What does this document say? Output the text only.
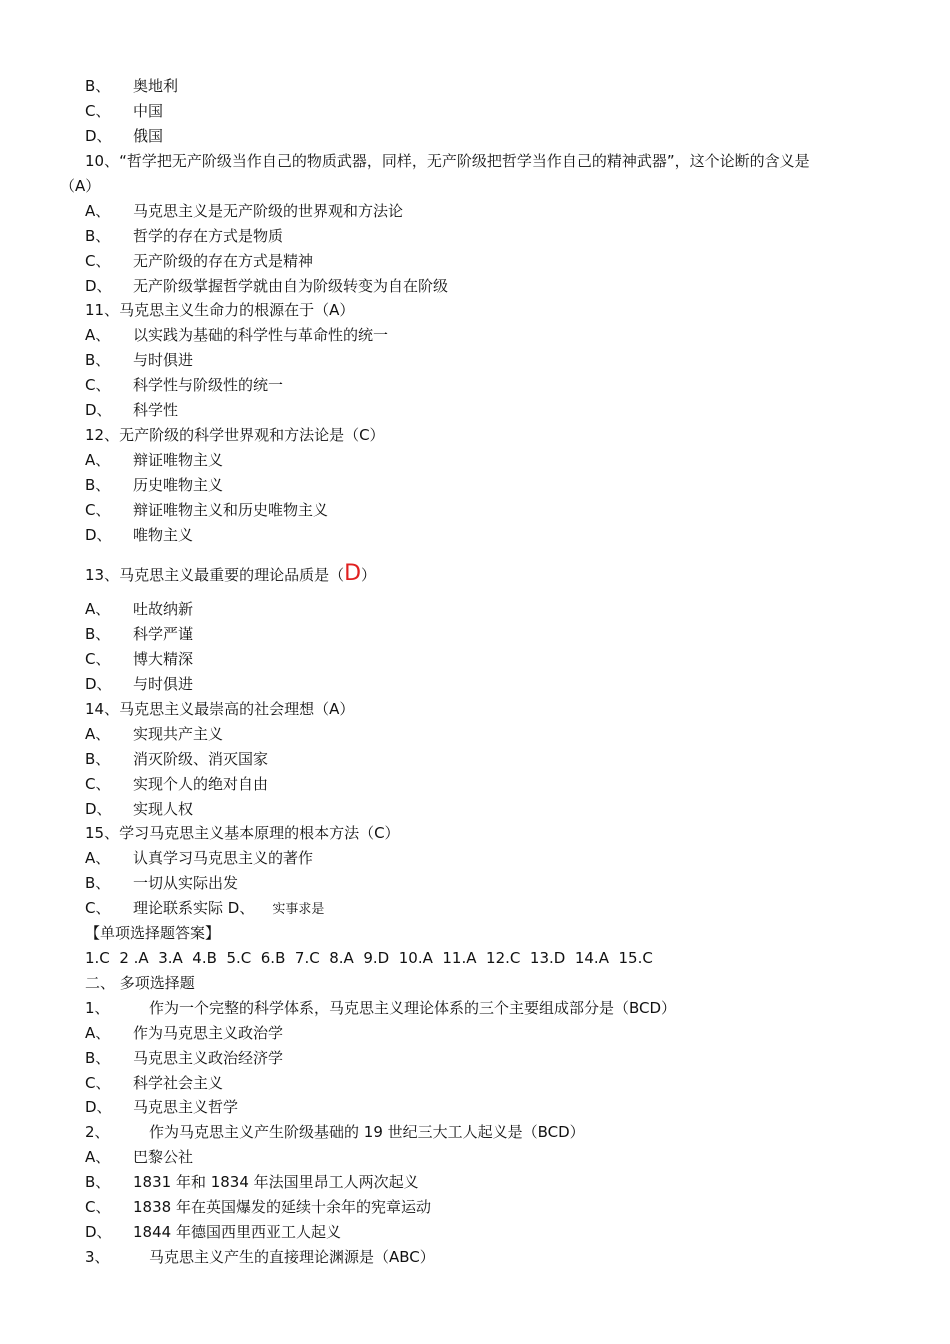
B、 奥地利
C、 中国
D、 俄国
10、“哲学把无产阶级当作自己的物质武器，同样，无产阶级把哲学当作自己的精神武器”，这个论断的含义是
（A）
A、 马克思主义是无产阶级的世界观和方法论
B、 哲学的存在方式是物质
C、 无产阶级的存在方式是精神
D、 无产阶级掌握哲学就由自为阶级转变为自在阶级
11、马克思主义生命力的根源在于（A）
A、 以实践为基础的科学性与革命性的统一
B、 与时俱进
C、 科学性与阶级性的统一
D、 科学性
12、无产阶级的科学世界观和方法论是（C）
A、 辩证唯物主义
B、 历史唯物主义
C、 辩证唯物主义和历史唯物主义
D、 唯物主义
13、马克思主义最重要的理论品质是（D）
A、 吐故纳新
B、 科学严谨
C、 博大精深
D、 与时俱进
14、马克思主义最崇高的社会理想（A）
A、 实现共产主义
B、 消灭阶级、消灭国家
C、 实现个人的绝对自由
D、 实现人权
15、学习马克思主义基本原理的根本方法（C）
A、 认真学习马克思主义的著作
B、 一切从实际出发
C、 理论联系实际 D、 实事求是
【单项选择题答案】
1.C  2 .A  3.A  4.B  5.C  6.B  7.C  8.A  9.D  10.A  11.A  12.C  13.D  14.A  15.C
二、 多项选择题
1、	作为一个完整的科学体系，马克思主义理论体系的三个主要组成部分是（BCD）
A、 作为马克思主义政治学
B、 马克思主义政治经济学
C、 科学社会主义
D、 马克思主义哲学
2、	作为马克思主义产生阶级基础的 19 世纪三大工人起义是（BCD）
A、 巴黎公社
B、 1831 年和 1834 年法国里昂工人两次起义
C、 1838 年在英国爆发的延续十余年的宪章运动
D、 1844 年德国西里西亚工人起义
3、	马克思主义产生的直接理论渊源是（ABC）
